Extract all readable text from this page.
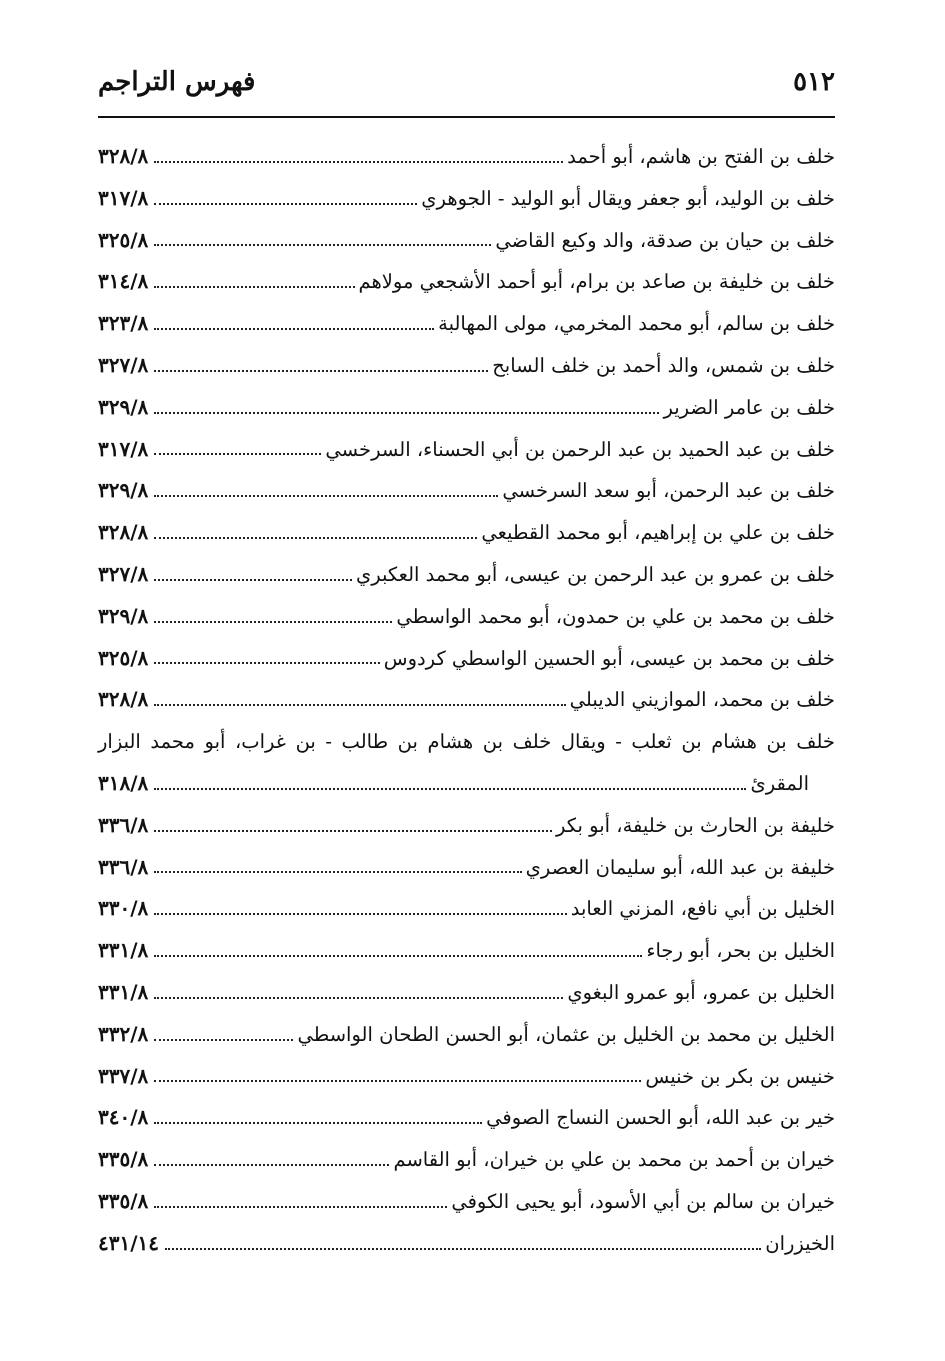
٥١٢
فهرس التراجم
خلف بن الفتح بن هاشم، أبو أحمد
٣٢٨/٨
خلف بن الوليد، أبو جعفر ويقال أبو الوليد - الجوهري
٣١٧/٨
خلف بن حيان بن صدقة، والد وكيع القاضي
٣٢٥/٨
خلف بن خليفة بن صاعد بن برام، أبو أحمد الأشجعي مولاهم
٣١٤/٨
خلف بن سالم، أبو محمد المخرمي، مولى المهالبة
٣٢٣/٨
خلف بن شمس، والد أحمد بن خلف السابح
٣٢٧/٨
خلف بن عامر الضرير
٣٢٩/٨
خلف بن عبد الحميد بن عبد الرحمن بن أبي الحسناء، السرخسي
٣١٧/٨
خلف بن عبد الرحمن، أبو سعد السرخسي
٣٢٩/٨
خلف بن علي بن إبراهيم، أبو محمد القطيعي
٣٢٨/٨
خلف بن عمرو بن عبد الرحمن بن عيسى، أبو محمد العكبري
٣٢٧/٨
خلف بن محمد بن علي بن حمدون، أبو محمد الواسطي
٣٢٩/٨
خلف بن محمد بن عيسى، أبو الحسين الواسطي كردوس
٣٢٥/٨
خلف بن محمد، الموازيني الديبلي
٣٢٨/٨
خلف بن هشام بن ثعلب - ويقال خلف بن هشام بن طالب - بن غراب، أبو محمد البزار
المقرئ
٣١٨/٨
خليفة بن الحارث بن خليفة، أبو بكر
٣٣٦/٨
خليفة بن عبد الله، أبو سليمان العصري
٣٣٦/٨
الخليل بن أبي نافع، المزني العابد
٣٣٠/٨
الخليل بن بحر، أبو رجاء
٣٣١/٨
الخليل بن عمرو، أبو عمرو البغوي
٣٣١/٨
الخليل بن محمد بن الخليل بن عثمان، أبو الحسن الطحان الواسطي
٣٣٢/٨
خنيس بن بكر بن خنيس
٣٣٧/٨
خير بن عبد الله، أبو الحسن النساج الصوفي
٣٤٠/٨
خيران بن أحمد بن محمد بن علي بن خيران، أبو القاسم
٣٣٥/٨
خيران بن سالم بن أبي الأسود، أبو يحيى الكوفي
٣٣٥/٨
الخيزران
٤٣١/١٤
